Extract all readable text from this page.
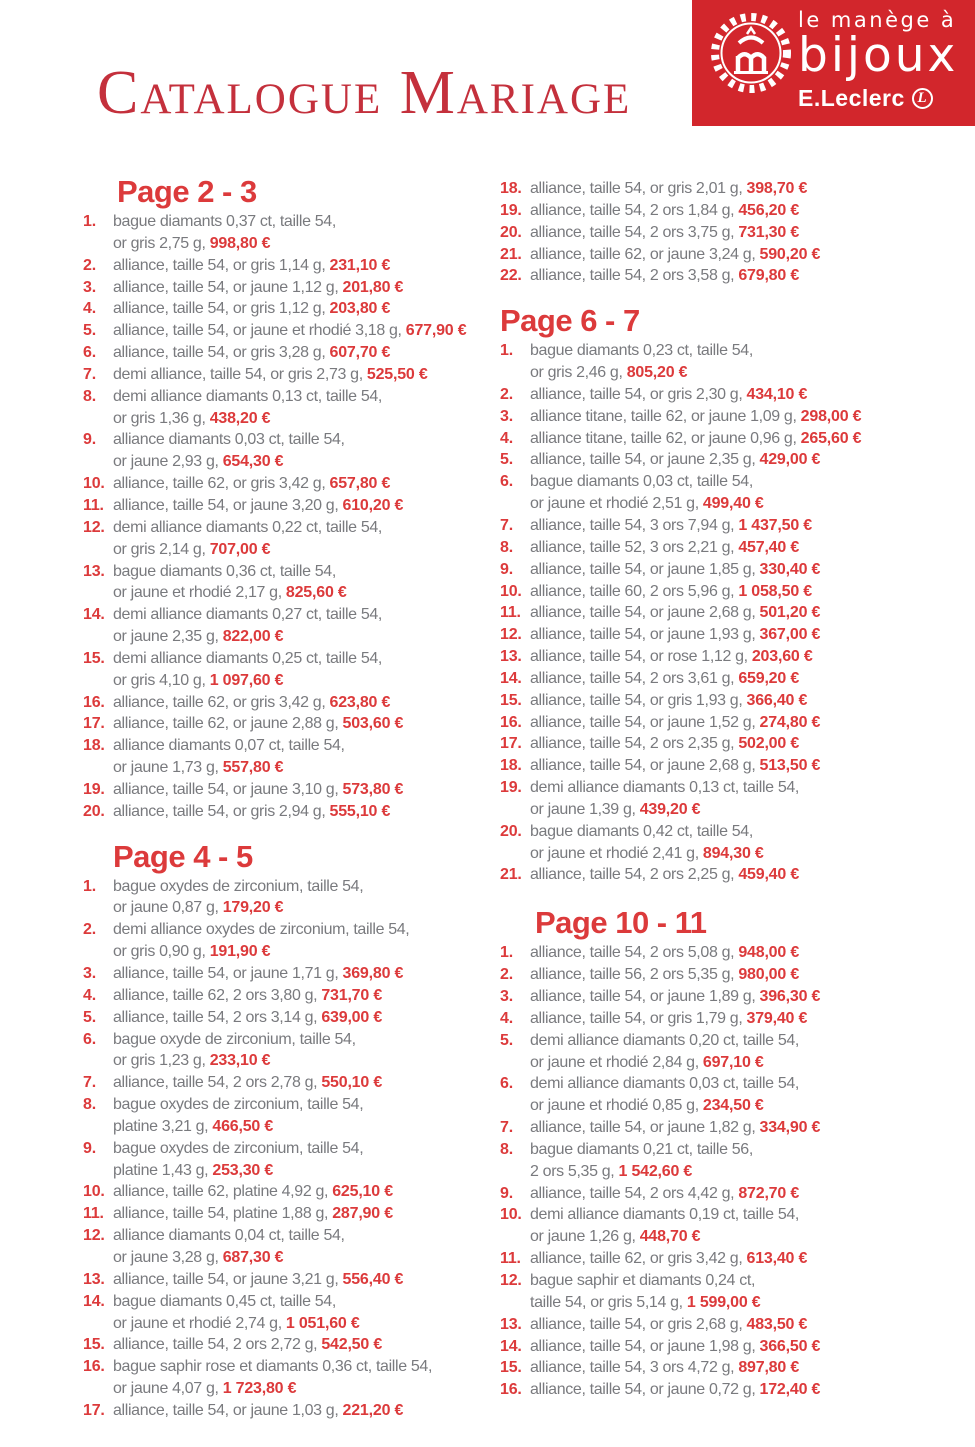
Catalogue Mariage
le manège à
bijoux
E.Leclerc L
Page 2 - 3
1.	bague diamants 0,37 ct, taille 54,
or gris 2,75 g, 998,80 €
2.	alliance, taille 54, or gris 1,14 g, 231,10 €
3.	alliance, taille 54, or jaune 1,12 g, 201,80 €
4.	alliance, taille 54, or gris 1,12 g, 203,80 €
5.	alliance, taille 54, or jaune et rhodié 3,18 g, 677,90 €
6.	alliance, taille 54, or gris 3,28 g, 607,70 €
7.	demi alliance, taille 54, or gris 2,73 g, 525,50 €
8.	demi alliance diamants 0,13 ct, taille 54,
or gris 1,36 g, 438,20 €
9.	alliance diamants 0,03 ct, taille 54,
or jaune 2,93 g, 654,30 €
10. alliance, taille 62, or gris 3,42 g, 657,80 €
11. alliance, taille 54, or jaune 3,20 g, 610,20 €
12. demi alliance diamants 0,22 ct, taille 54,
or gris 2,14 g, 707,00 €
13. bague diamants 0,36 ct, taille 54,
or jaune et rhodié 2,17 g, 825,60 €
14. demi alliance diamants 0,27 ct, taille 54,
or jaune 2,35 g, 822,00 €
15. demi alliance diamants 0,25 ct, taille 54,
or gris 4,10 g, 1 097,60 €
16. alliance, taille 62, or gris 3,42 g, 623,80 €
17. alliance, taille 62, or jaune 2,88 g, 503,60 €
18. alliance diamants 0,07 ct, taille 54,
or jaune 1,73 g, 557,80 €
19. alliance, taille 54, or jaune 3,10 g, 573,80 €
20. alliance, taille 54, or gris 2,94 g, 555,10 €
Page 4 - 5
1.	bague oxydes de zirconium, taille 54,
or jaune 0,87 g, 179,20 €
2.	demi alliance oxydes de zirconium, taille 54,
or gris 0,90 g, 191,90 €
3.	alliance, taille 54, or jaune 1,71 g, 369,80 €
4.	alliance, taille 62, 2 ors 3,80 g, 731,70 €
5.	alliance, taille 54, 2 ors 3,14 g, 639,00 €
6.	bague oxyde de zirconium, taille 54,
or gris 1,23 g, 233,10 €
7.	alliance, taille 54, 2 ors 2,78 g, 550,10 €
8.	bague oxydes de zirconium, taille 54,
platine 3,21 g, 466,50 €
9.	bague oxydes de zirconium, taille 54,
platine 1,43 g, 253,30 €
10. alliance, taille 62, platine 4,92 g, 625,10 €
11. alliance, taille 54, platine 1,88 g, 287,90 €
12. alliance diamants 0,04 ct, taille 54,
or jaune 3,28 g, 687,30 €
13. alliance, taille 54, or jaune 3,21 g, 556,40 €
14. bague diamants 0,45 ct, taille 54,
or jaune et rhodié 2,74 g, 1 051,60 €
15. alliance, taille 54, 2 ors 2,72 g, 542,50 €
16. bague saphir rose et diamants 0,36 ct, taille 54,
or jaune 4,07 g, 1 723,80 €
17. alliance, taille 54, or jaune 1,03 g, 221,20 €
18. alliance, taille 54, or gris 2,01 g, 398,70 €
19. alliance, taille 54, 2 ors 1,84 g, 456,20 €
20. alliance, taille 54, 2 ors 3,75 g, 731,30 €
21. alliance, taille 62, or jaune 3,24 g, 590,20 €
22. alliance, taille 54, 2 ors 3,58 g, 679,80 €
Page 6 - 7
1.	bague diamants 0,23 ct, taille 54,
or gris 2,46 g, 805,20 €
2.	alliance, taille 54, or gris 2,30 g, 434,10 €
3.	alliance titane, taille 62, or jaune 1,09 g, 298,00 €
4.	alliance titane, taille 62, or jaune 0,96 g, 265,60 €
5.	alliance, taille 54, or jaune 2,35 g, 429,00 €
6.	bague diamants 0,03 ct, taille 54,
or jaune et rhodié 2,51 g, 499,40 €
7.	alliance, taille 54, 3 ors 7,94 g, 1 437,50 €
8.	alliance, taille 52, 3 ors 2,21 g, 457,40 €
9.	alliance, taille 54, or jaune 1,85 g, 330,40 €
10. alliance, taille 60, 2 ors 5,96 g, 1 058,50 €
11. alliance, taille 54, or jaune 2,68 g, 501,20 €
12. alliance, taille 54, or jaune 1,93 g, 367,00 €
13. alliance, taille 54, or rose 1,12 g, 203,60 €
14. alliance, taille 54, 2 ors 3,61 g, 659,20 €
15. alliance, taille 54, or gris 1,93 g, 366,40 €
16. alliance, taille 54, or jaune 1,52 g, 274,80 €
17. alliance, taille 54, 2 ors 2,35 g, 502,00 €
18. alliance, taille 54, or jaune 2,68 g, 513,50 €
19. demi alliance diamants 0,13 ct, taille 54,
or jaune 1,39 g, 439,20 €
20. bague diamants 0,42 ct, taille 54,
or jaune et rhodié 2,41 g, 894,30 €
21. alliance, taille 54, 2 ors 2,25 g, 459,40 €
Page 10 - 11
1.	alliance, taille 54, 2 ors 5,08 g, 948,00 €
2.	alliance, taille 56, 2 ors 5,35 g, 980,00 €
3.	alliance, taille 54, or jaune 1,89 g, 396,30 €
4.	alliance, taille 54, or gris 1,79 g, 379,40 €
5.	demi alliance diamants 0,20 ct, taille 54,
or jaune et rhodié 2,84 g, 697,10 €
6.	demi alliance diamants 0,03 ct, taille 54,
or jaune et rhodié 0,85 g, 234,50 €
7.	alliance, taille 54, or jaune 1,82 g, 334,90 €
8.	bague diamants 0,21 ct, taille 56,
2 ors 5,35 g, 1 542,60 €
9.	alliance, taille 54, 2 ors 4,42 g, 872,70 €
10. demi alliance diamants 0,19 ct, taille 54,
or jaune 1,26 g, 448,70 €
11. alliance, taille 62, or gris 3,42 g, 613,40 €
12. bague saphir et diamants 0,24 ct,
taille 54, or gris 5,14 g, 1 599,00 €
13. alliance, taille 54, or gris 2,68 g, 483,50 €
14. alliance, taille 54, or jaune 1,98 g, 366,50 €
15. alliance, taille 54, 3 ors 4,72 g, 897,80 €
16. alliance, taille 54, or jaune 0,72 g, 172,40 €
